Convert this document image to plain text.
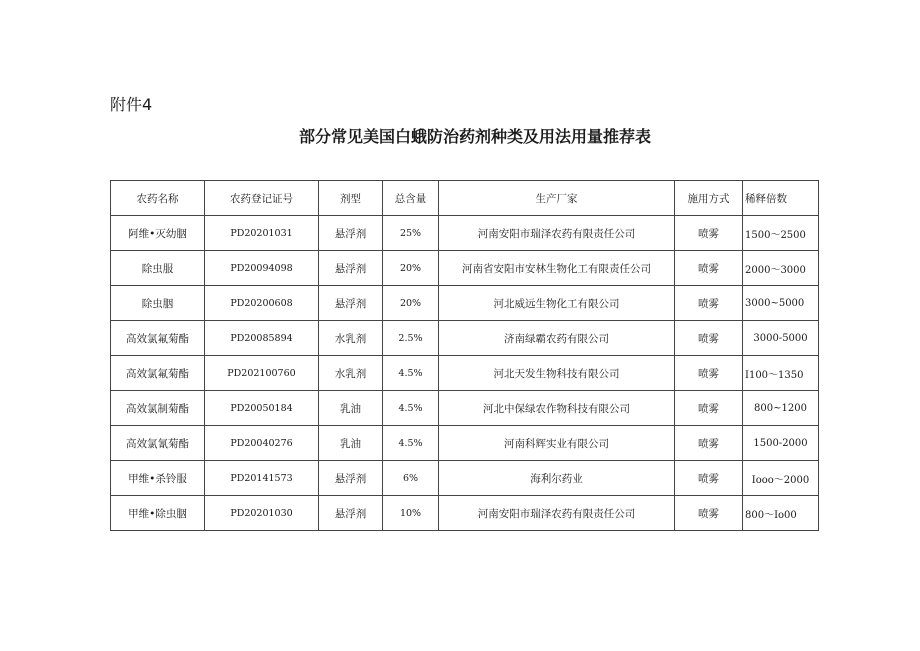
附件4
部分常见美国白蛾防治药剂种类及用法用量推荐表
农药名称	农药登记证号	剂型	总含量	生产厂家	施用方式	稀释倍数
阿维•灭幼胭	PD20201031	悬浮剂	25%	河南安阳市瑞泽农药有限责任公司	喷雾	1500～2500
除虫服	PD20094098	悬浮剂	20%	河南省安阳市安林生物化工有限责任公司	喷雾	2000～3000
除虫胭	PD20200608	悬浮剂	20%	河北威远生物化工有限公司	喷雾	3000~5000
高效氯氟菊酯	PD20085894	水乳剂	2.5%	济南绿霸农药有限公司	喷雾	3000-5000
高效氯氟菊酯	PD202100760	水乳剂	4.5%	河北天发生物科技有限公司	喷雾	I100～1350
高效氯制菊酯	PD20050184	乳油	4.5%	河北中保绿农作物科技有限公司	喷雾	800~1200
高效氯氰菊酯	PD20040276	乳油	4.5%	河南科辉实业有限公司	喷雾	1500-2000
甲维•杀铃服	PD20141573	悬浮剂	6%	海利尔药业	喷雾	Iooo～2000
甲维•除虫胭	PD20201030	悬浮剂	10%	河南安阳市瑞泽农药有限责任公司	喷雾	800～Io00
